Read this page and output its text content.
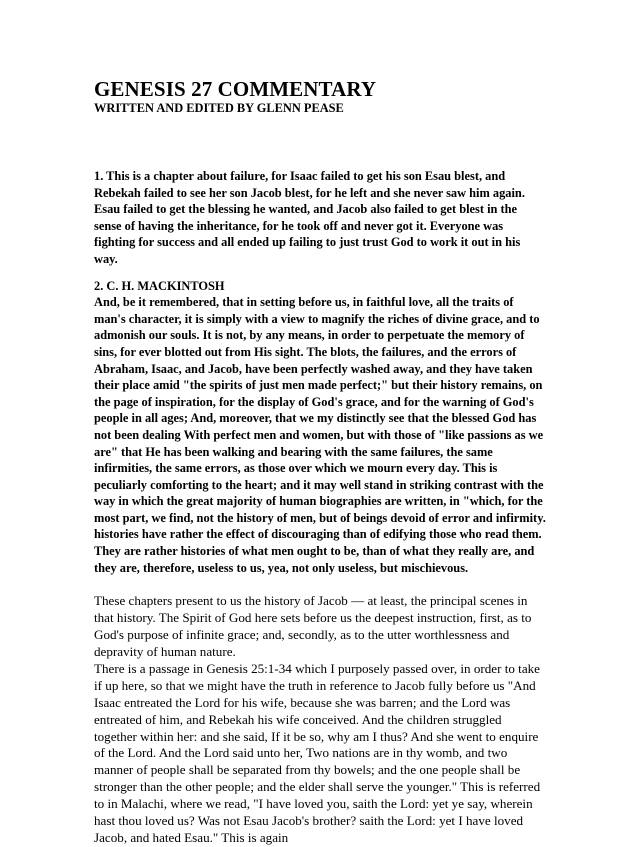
GENESIS 27 COMMENTARY
WRITTEN AND EDITED BY GLENN PEASE

1. This is a chapter about failure, for Isaac failed to get his son Esau blest, and Rebekah failed to see her son Jacob blest, for he left and she never saw him again. Esau failed to get the blessing he wanted, and Jacob also failed to get blest in the sense of having the inheritance, for he took off and never got it. Everyone was fighting for success and all ended up failing to just trust God to work it out in his way.

2. C. H. MACKINTOSH

And, be it remembered, that in setting before us, in faithful love, all the traits of man's character, it is simply with a view to magnify the riches of divine grace, and to admonish our souls. It is not, by any means, in order to perpetuate the memory of sins, for ever blotted out from His sight. The blots, the failures, and the errors of Abraham, Isaac, and Jacob, have been perfectly washed away, and they have taken their place amid "the spirits of just men made perfect;" but their history remains, on the page of inspiration, for the display of God's grace, and for the warning of God's people in all ages; And, moreover, that we my distinctly see that the blessed God has not been dealing With perfect men and women, but with those of "like passions as we are" that He has been walking and bearing with the same failures, the same infirmities, the same errors, as those over which we mourn every day. This is peculiarly comforting to the heart; and it may well stand in striking contrast with the way in which the great majority of human biographies are written, in "which, for the most part, we find, not the history of men, but of beings devoid of error and infirmity. histories have rather the effect of discouraging than of edifying those who read them. They are rather histories of what men ought to be, than of what they really are, and they are, therefore, useless to us, yea, not only useless, but mischievous.

These chapters present to us the history of Jacob — at least, the principal scenes in that history. The Spirit of God here sets before us the deepest instruction, first, as to God's purpose of infinite grace; and, secondly, as to the utter worthlessness and depravity of human nature.

There is a passage in Genesis 25:1-34 which I purposely passed over, in order to take if up here, so that we might have the truth in reference to Jacob fully before us "And Isaac entreated the Lord for his wife, because she was barren; and the Lord was entreated of him, and Rebekah his wife conceived. And the children struggled together within her: and she said, If it be so, why am I thus? And she went to enquire of the Lord. And the Lord said unto her, Two nations are in thy womb, and two manner of people shall be separated from thy bowels; and the one people shall be stronger than the other people; and the elder shall serve the younger." This is referred to in Malachi, where we read, "I have loved you, saith the Lord: yet ye say, wherein hast thou loved us? Was not Esau Jacob's brother? saith the Lord: yet I have loved Jacob, and hated Esau." This is again
